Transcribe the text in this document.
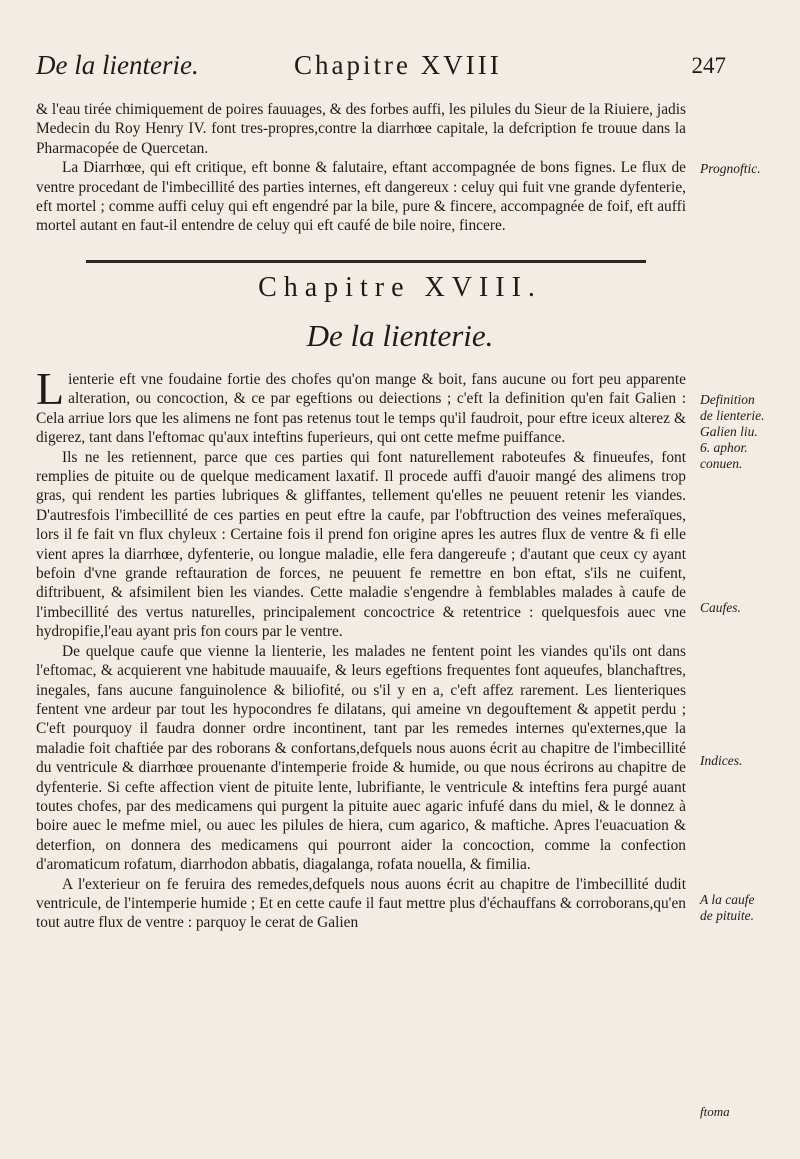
De la lienterie.	Chapitre XVIII	247

& l'eau tirée chimiquement de poires fauuages, & des forbes auffi, les pilules du Sieur de la Riuiere, jadis Medecin du Roy Henry IV. font tres-propres,contre la diarrhœe capitale, la defcription fe trouue dans la Pharmacopée de Quercetan.

La Diarrhœe, qui eft critique, eft bonne & falutaire, eftant accompagnée de bons fignes. Le flux de ventre procedant de l'imbecillité des parties internes, eft dangereux : celuy qui fuit vne grande dyfenterie, eft mortel ; comme auffi celuy qui eft engendré par la bile, pure & fincere, accompagnée de foif, eft auffi mortel autant en faut-il entendre de celuy qui eft caufé de bile noire, fincere.

Prognoftic.
Chapitre XVIII.
De la lienterie.

Lienterie eft vne foudaine fortie des chofes qu'on mange & boit, fans aucune ou fort peu apparente alteration, ou concoction, & ce par egeftions ou deiections ; c'eft la definition qu'en fait Galien : Cela arriue lors que les alimens ne font pas retenus tout le temps qu'il faudroit, pour eftre iceux alterez & digerez, tant dans l'eftomac qu'aux inteftins fuperieurs, qui ont cette mefme puiffance.

Ils ne les retiennent, parce que ces parties qui font naturellement raboteufes & finueufes, font remplies de pituite ou de quelque medicament laxatif. Il procede auffi d'auoir mangé des alimens trop gras, qui rendent les parties lubriques & gliffantes, tellement qu'elles ne peuuent retenir les viandes. D'autresfois l'imbecillité de ces parties en peut eftre la caufe, par l'obftruction des veines meferaïques, lors il fe fait vn flux chyleux : Certaine fois il prend fon origine apres les autres flux de ventre & fi elle vient apres la diarrhœe, dyfenterie, ou longue maladie, elle fera dangereufe ; d'autant que ceux cy ayant befoin d'vne grande reftauration de forces, ne peuuent fe remettre en bon eftat, s'ils ne cuifent, diftribuent, & afsimilent bien les viandes. Cette maladie s'engendre à femblables malades à caufe de l'imbecillité des vertus naturelles, principalement concoctrice & retentrice : quelquesfois auec vne hydropifie,l'eau ayant pris fon cours par le ventre.

De quelque caufe que vienne la lienterie, les malades ne fentent point les viandes qu'ils ont dans l'eftomac, & acquierent vne habitude mauuaife, & leurs egeftions frequentes font aqueufes, blanchaftres, inegales, fans aucune fanguinolence & biliofité, ou s'il y en a, c'eft affez rarement. Les lienteriques fentent vne ardeur par tout les hypocondres fe dilatans, qui ameine vn degouftement & appetit perdu ; C'eft pourquoy il faudra donner ordre incontinent, tant par les remedes internes qu'externes,que la maladie foit chaftiée par des roborans & confortans,defquels nous auons écrit au chapitre de l'imbecillité du ventricule & diarrhœe prouenante d'intemperie froide & humide, ou que nous écrirons au chapitre de dyfenterie. Si cefte affection vient de pituite lente, lubrifiante, le ventricule & inteftins fera purgé auant toutes chofes, par des medicamens qui purgent la pituite auec agaric infufé dans du miel, & le donnez à boire auec le mefme miel, ou auec les pilules de hiera, cum agarico, & maftiche. Apres l'euacuation & deterfion, on donnera des medicamens qui pourront aider la concoction, comme la confection d'aromaticum rofatum, diarrhodon abbatis, diagalanga, rofata nouella, & fimilia.

A l'exterieur on fe feruira des remedes,defquels nous auons écrit au chapitre de l'imbecillité dudit ventricule, de l'intemperie humide ; Et en cette caufe il faut mettre plus d'échauffans & corroborans,qu'en tout autre flux de ventre : parquoy le cerat de Galien

Definition
de lienterie.
Galien liu.
6. aphor.
conuen.
Caufes.
Indices.
A la caufe
de pituite.
ftoma
